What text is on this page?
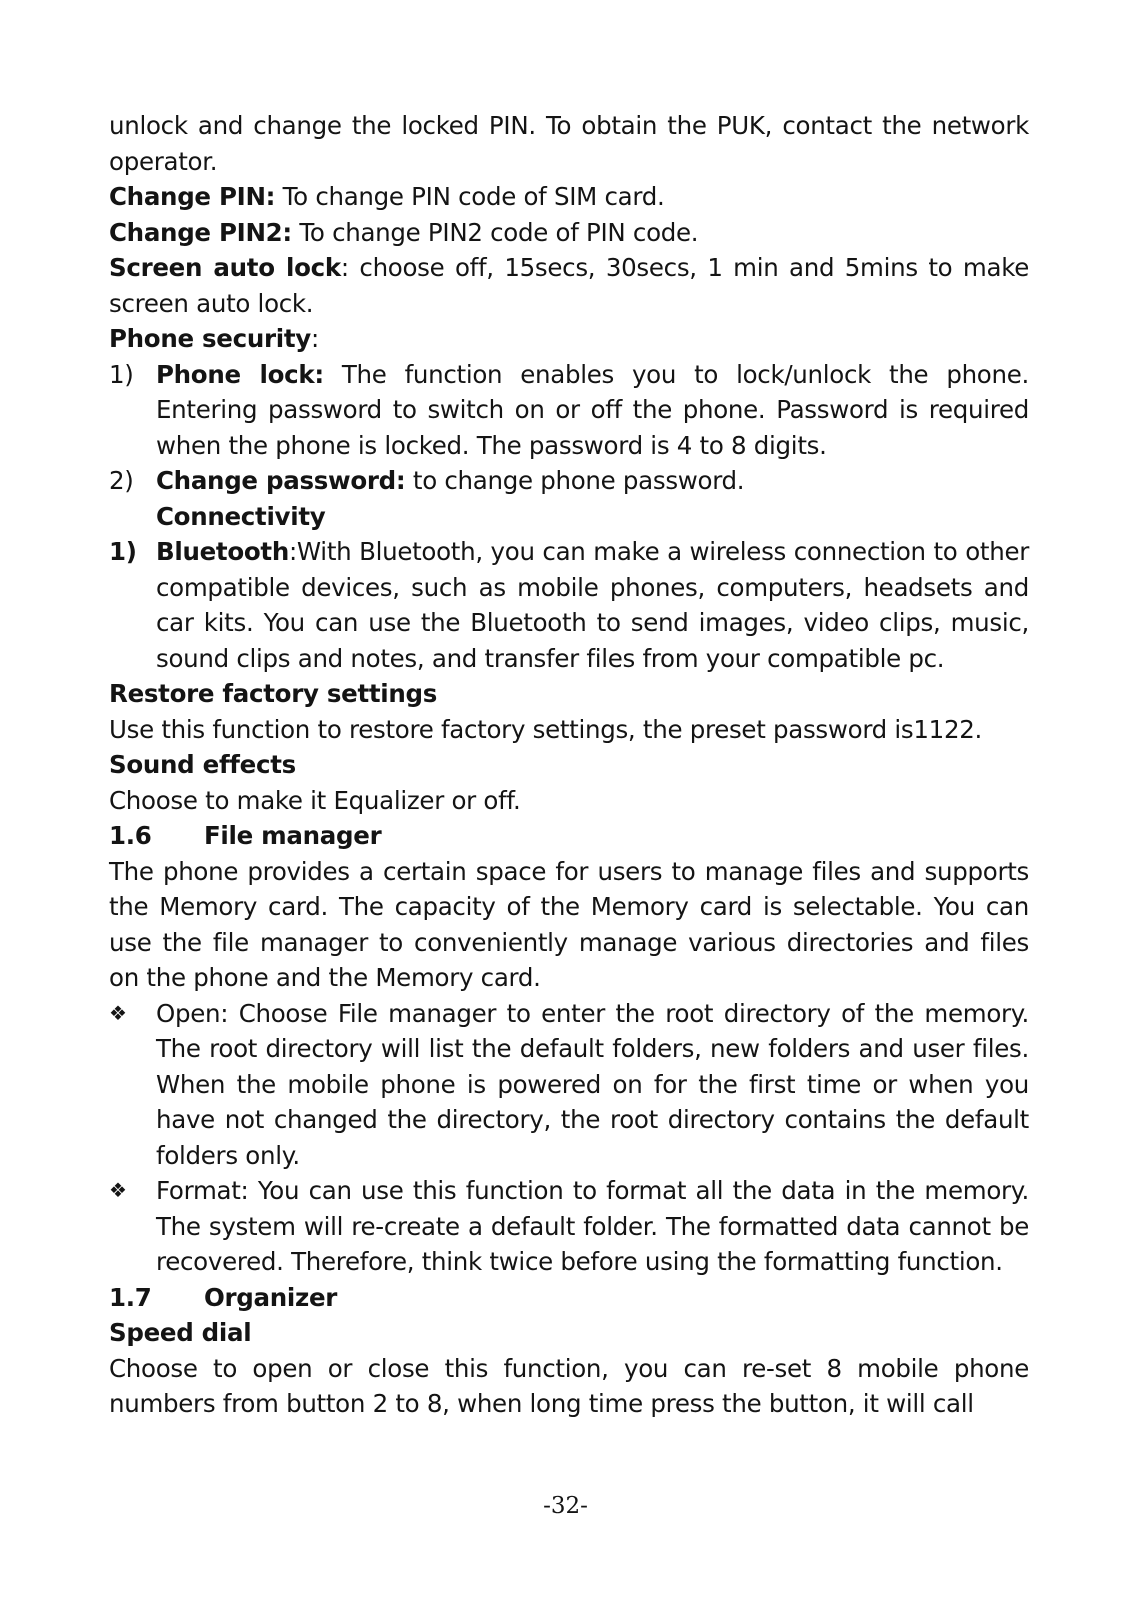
unlock and change the locked PIN. To obtain the PUK, contact the network operator.

Change PIN: To change PIN code of SIM card.

Change PIN2: To change PIN2 code of PIN code.

Screen auto lock: choose off, 15secs, 30secs, 1 min and 5mins to make screen auto lock.

Phone security:

1) Phone lock: The function enables you to lock/unlock the phone. Entering password to switch on or off the phone. Password is required when the phone is locked. The password is 4 to 8 digits.
2) Change password: to change phone password.

Connectivity

1) Bluetooth:With Bluetooth, you can make a wireless connection to other compatible devices, such as mobile phones, computers, headsets and car kits. You can use the Bluetooth to send images, video clips, music, sound clips and notes, and transfer files from your compatible pc.

Restore factory settings

Use this function to restore factory settings, the preset password is1122.

Sound effects

Choose to make it Equalizer or off.

1.6	File manager

The phone provides a certain space for users to manage files and supports the Memory card. The capacity of the Memory card is selectable. You can use the file manager to conveniently manage various directories and files on the phone and the Memory card.

❖	Open: Choose File manager to enter the root directory of the memory. The root directory will list the default folders, new folders and user files. When the mobile phone is powered on for the first time or when you have not changed the directory, the root directory contains the default folders only.
❖	Format: You can use this function to format all the data in the memory. The system will re-create a default folder. The formatted data cannot be recovered. Therefore, think twice before using the formatting function.
1.7	Organizer

Speed dial

Choose to open or close this function, you can re-set 8 mobile phone numbers from button 2 to 8, when long time press the button, it will call

-32-
